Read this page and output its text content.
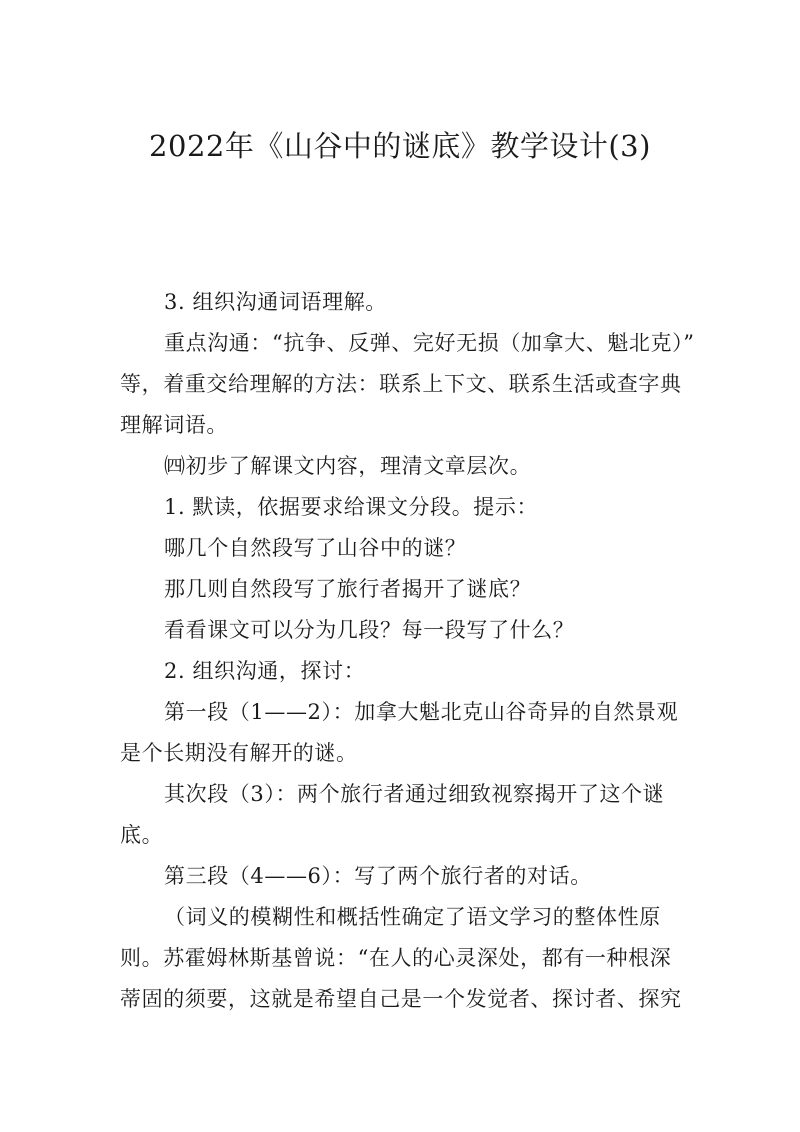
2022年《山谷中的谜底》教学设计(3)
3. 组织沟通词语理解。
重点沟通：“抗争、反弹、完好无损（加拿大、魁北克）”
等，着重交给理解的方法：联系上下文、联系生活或查字典
理解词语。
㈣初步了解课文内容，理清文章层次。
1. 默读，依据要求给课文分段。提示：
哪几个自然段写了山谷中的谜？
那几则自然段写了旅行者揭开了谜底？
看看课文可以分为几段？每一段写了什么？
2. 组织沟通，探讨：
第一段（1——2）：加拿大魁北克山谷奇异的自然景观
是个长期没有解开的谜。
其次段（3）：两个旅行者通过细致视察揭开了这个谜
底。
第三段（4——6）：写了两个旅行者的对话。
（词义的模糊性和概括性确定了语文学习的整体性原
则。苏霍姆林斯基曾说：“在人的心灵深处，都有一种根深
蒂固的须要，这就是希望自己是一个发觉者、探讨者、探究
